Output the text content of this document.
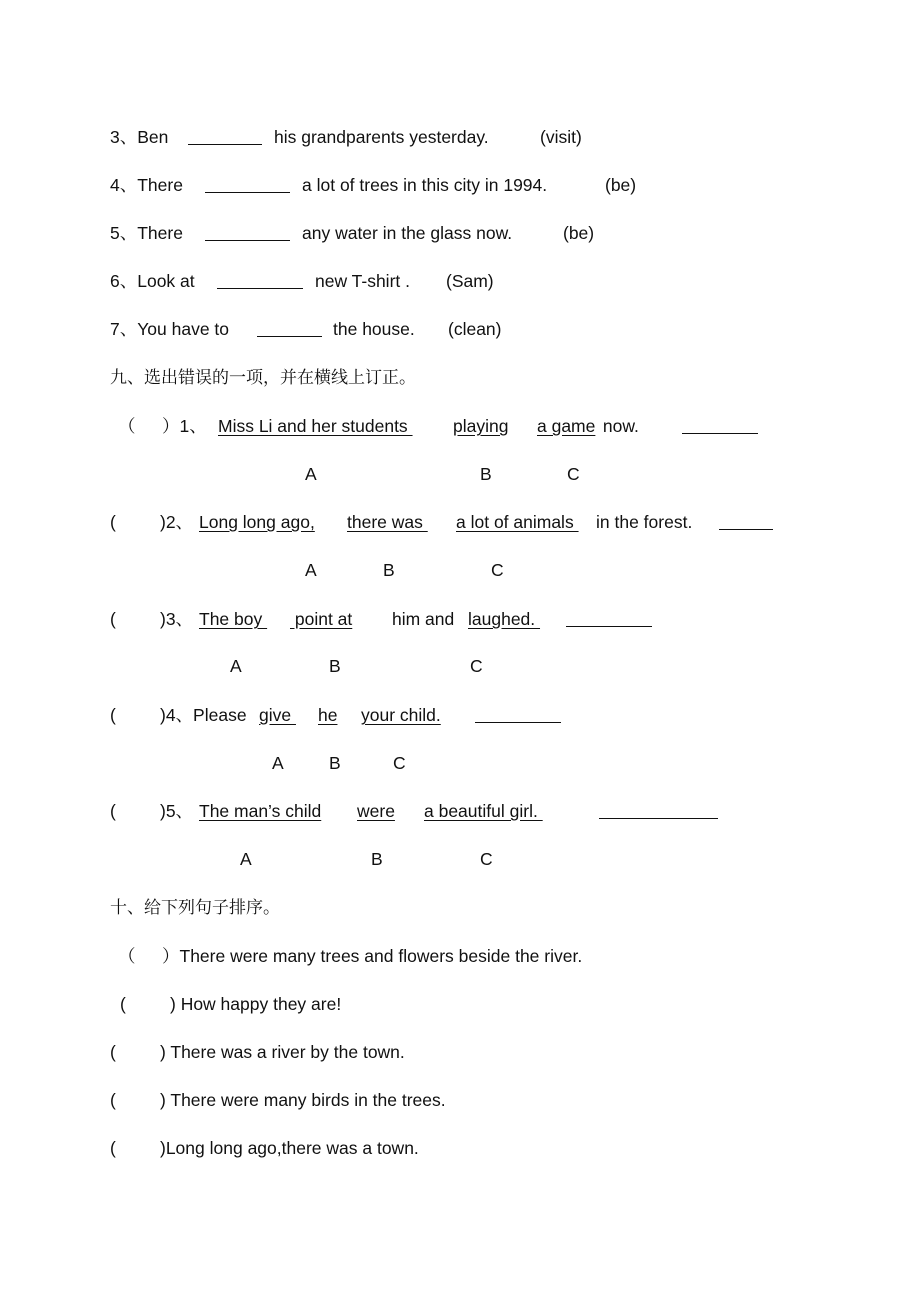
3、Ben	his grandparents yesterday.	(visit)
4、There	a lot of trees in this city in 1994.	(be)
5、There	any water in the glass now.	(be)
6、Look at	new T-shirt . (Sam)
7、You have to	the house. (clean)
九、选出错误的一项，并在横线上订正。
（ ）1、 Miss Li and her students playing a game now.
A	B	C
(	)2、 Long long ago, there was a lot of animals in the forest.
A	B	C
(	)3、 The boy point at him and laughed.
A	B	C
(	)4、Please give he your child.
A	B	C
(	)5、 The man’s child were a beautiful girl.
A	B	C
十、给下列句子排序。
（ ）There were many trees and flowers beside the river.
(	) How happy they are!
(	) There was a river by the town.
(	) There were many birds in the trees.
(	)Long long ago,there was a town.
